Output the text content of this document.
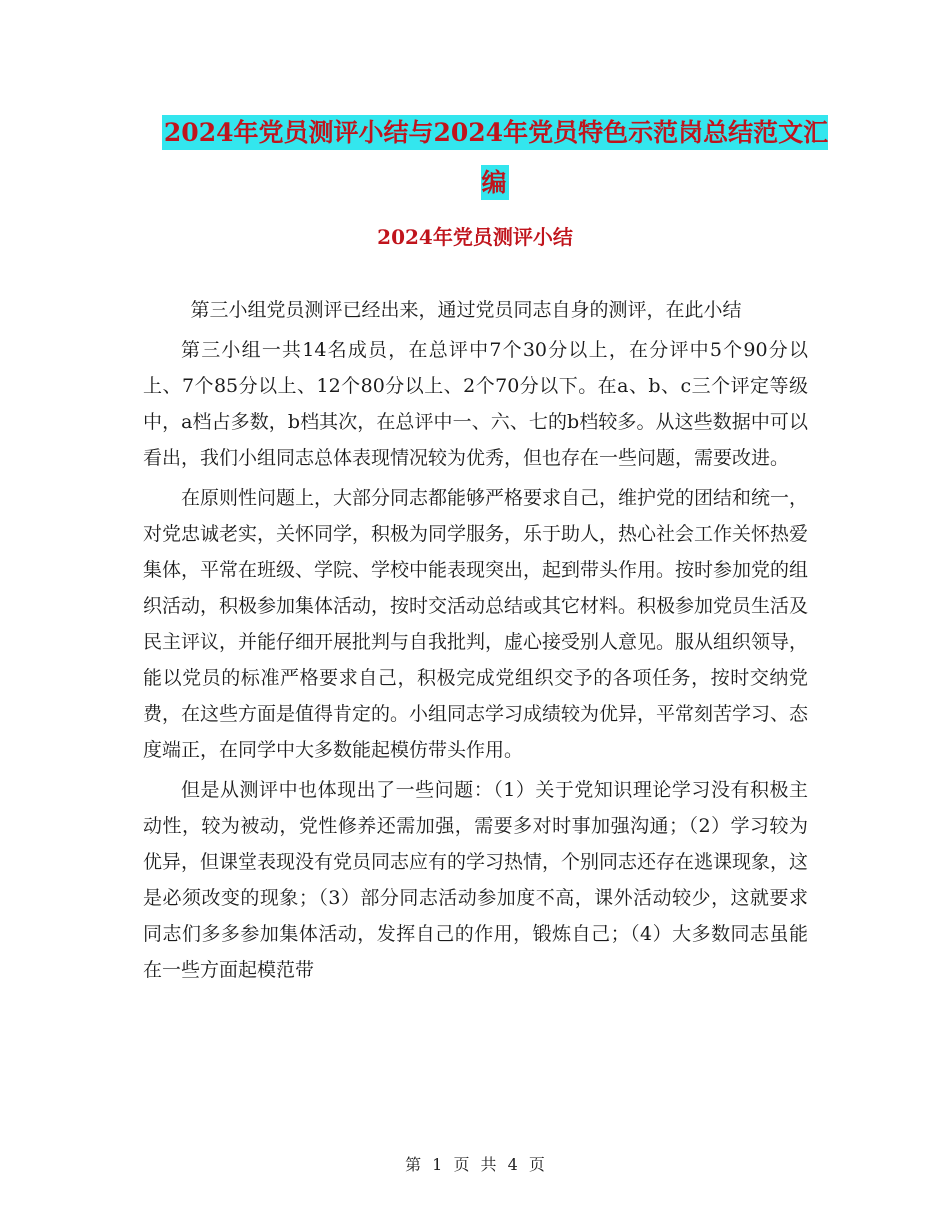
2024年党员测评小结与2024年党员特色示范岗总结范文汇编
2024年党员测评小结

第三小组党员测评已经出来，通过党员同志自身的测评，在此小结

第三小组一共14名成员，在总评中7个30分以上，在分评中5个90分以上、7个85分以上、12个80分以上、2个70分以下。在a、b、c三个评定等级中，a档占多数，b档其次，在总评中一、六、七的b档较多。从这些数据中可以看出，我们小组同志总体表现情况较为优秀，但也存在一些问题，需要改进。

在原则性问题上，大部分同志都能够严格要求自己，维护党的团结和统一，对党忠诚老实，关怀同学，积极为同学服务，乐于助人，热心社会工作关怀热爱集体，平常在班级、学院、学校中能表现突出，起到带头作用。按时参加党的组织活动，积极参加集体活动，按时交活动总结或其它材料。积极参加党员生活及民主评议，并能仔细开展批判与自我批判，虚心接受别人意见。服从组织领导，能以党员的标准严格要求自己，积极完成党组织交予的各项任务，按时交纳党费，在这些方面是值得肯定的。小组同志学习成绩较为优异，平常刻苦学习、态度端正，在同学中大多数能起模仿带头作用。

但是从测评中也体现出了一些问题：（1）关于党知识理论学习没有积极主动性，较为被动，党性修养还需加强，需要多对时事加强沟通；（2）学习较为优异，但课堂表现没有党员同志应有的学习热情，个别同志还存在逃课现象，这是必须改变的现象；（3）部分同志活动参加度不高，课外活动较少，这就要求同志们多多参加集体活动，发挥自己的作用，锻炼自己；（4）大多数同志虽能在一些方面起模范带

第 1 页 共 4 页
